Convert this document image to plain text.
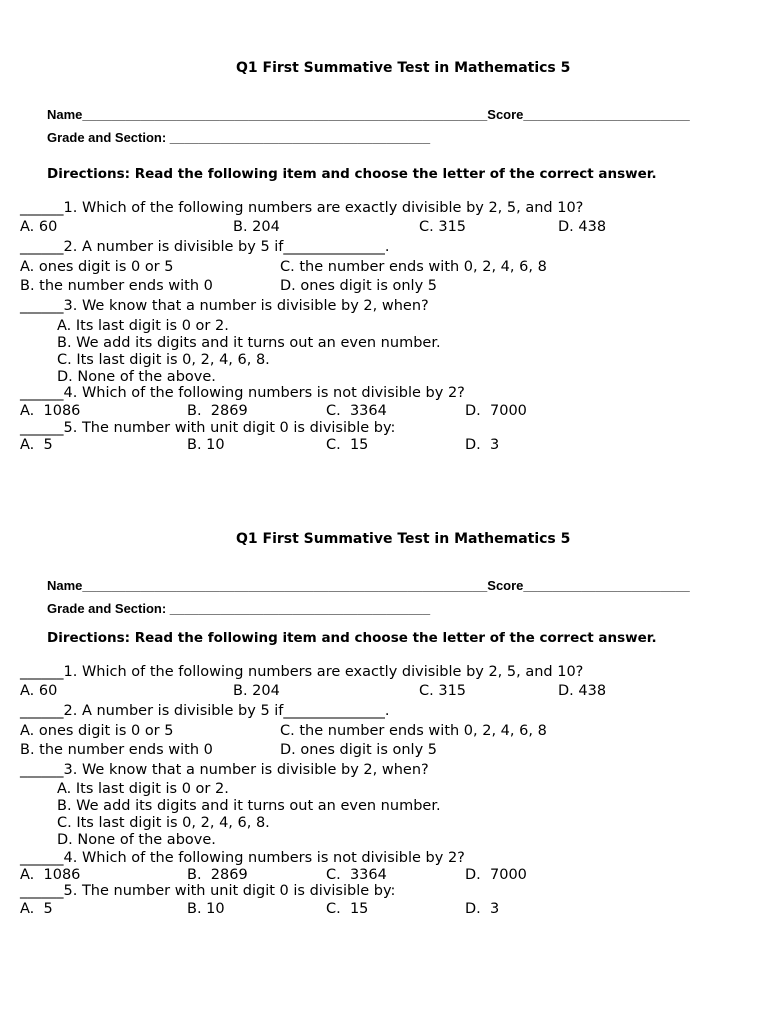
Q1 First Summative Test in Mathematics 5
Name________________________________________________________Score_______________________
Grade and Section: ____________________________________
Directions: Read the following item and choose the letter of the correct answer.
______1. Which of the following numbers are exactly divisible by 2, 5, and 10?
A. 60	B. 204	C. 315	D. 438
______2. A number is divisible by 5 if______________.
A. ones digit is 0 or 5	C. the number ends with 0, 2, 4, 6, 8
B. the number ends with 0	D. ones digit is only 5
______3. We know that a number is divisible by 2, when?
A. Its last digit is 0 or 2.
B. We add its digits and it turns out an even number.
C. Its last digit is 0, 2, 4, 6, 8.
D. None of the above.
______4. Which of the following numbers is not divisible by 2?
A.  1086	B.  2869	C.  3364	D.  7000
______5. The number with unit digit 0 is divisible by:
A.  5	B. 10	C.  15	D.  3
Q1 First Summative Test in Mathematics 5
Name________________________________________________________Score_______________________
Grade and Section: ____________________________________
Directions: Read the following item and choose the letter of the correct answer.
______1. Which of the following numbers are exactly divisible by 2, 5, and 10?
A. 60	B. 204	C. 315	D. 438
______2. A number is divisible by 5 if______________.
A. ones digit is 0 or 5	C. the number ends with 0, 2, 4, 6, 8
B. the number ends with 0	D. ones digit is only 5
______3. We know that a number is divisible by 2, when?
A. Its last digit is 0 or 2.
B. We add its digits and it turns out an even number.
C. Its last digit is 0, 2, 4, 6, 8.
D. None of the above.
______4. Which of the following numbers is not divisible by 2?
A.  1086	B.  2869	C.  3364	D.  7000
______5. The number with unit digit 0 is divisible by:
A.  5	B. 10	C.  15	D.  3
